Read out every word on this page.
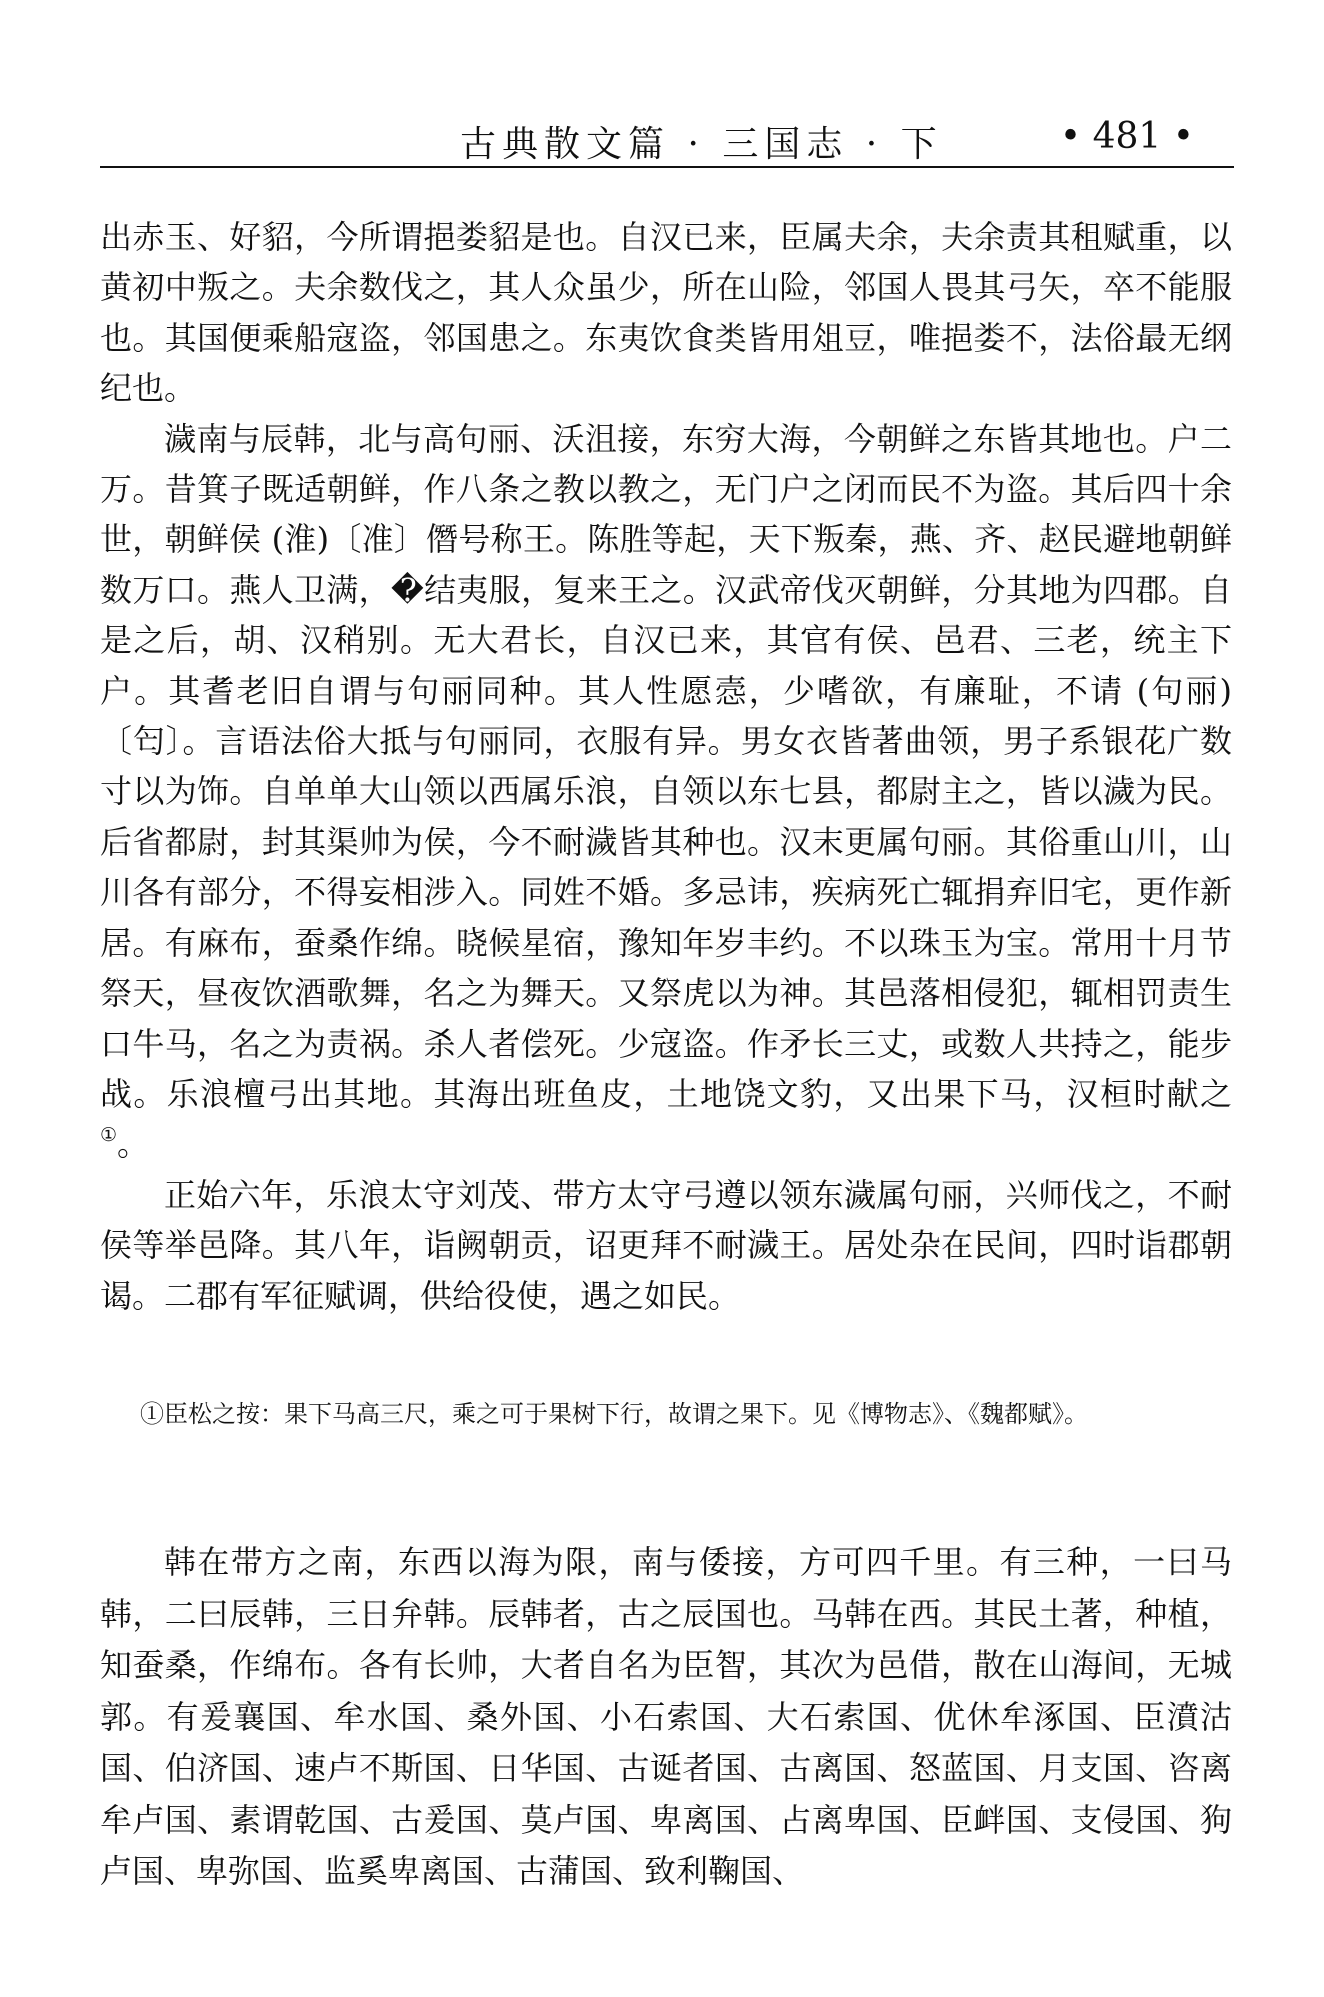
古典散文篇 · 三国志 · 下	• 481 •

出赤玉、好貂，今所谓挹娄貂是也。自汉已来，臣属夫余，夫余责其租赋重，以黄初中叛之。夫余数伐之，其人众虽少，所在山险，邻国人畏其弓矢，卒不能服也。其国便乘船寇盗，邻国患之。东夷饮食类皆用俎豆，唯挹娄不，法俗最无纲纪也。

濊南与辰韩，北与高句丽、沃沮接，东穷大海，今朝鲜之东皆其地也。户二万。昔箕子既适朝鲜，作八条之教以教之，无门户之闭而民不为盗。其后四十余世，朝鲜侯 (淮)〔准〕僭号称王。陈胜等起，天下叛秦，燕、齐、赵民避地朝鲜数万口。燕人卫满，�结夷服，复来王之。汉武帝伐灭朝鲜，分其地为四郡。自是之后，胡、汉稍别。无大君长，自汉已来，其官有侯、邑君、三老，统主下户。其耆老旧自谓与句丽同种。其人性愿悫，少嗜欲，有廉耻，不请 (句丽)〔匄〕。言语法俗大抵与句丽同，衣服有异。男女衣皆著曲领，男子系银花广数寸以为饰。自单单大山领以西属乐浪，自领以东七县，都尉主之，皆以濊为民。后省都尉，封其渠帅为侯，今不耐濊皆其种也。汉末更属句丽。其俗重山川，山川各有部分，不得妄相涉入。同姓不婚。多忌讳，疾病死亡辄捐弃旧宅，更作新居。有麻布，蚕桑作绵。晓候星宿，豫知年岁丰约。不以珠玉为宝。常用十月节祭天，昼夜饮酒歌舞，名之为舞天。又祭虎以为神。其邑落相侵犯，辄相罚责生口牛马，名之为责祸。杀人者偿死。少寇盗。作矛长三丈，或数人共持之，能步战。乐浪檀弓出其地。其海出班鱼皮，土地饶文豹，又出果下马，汉桓时献之①。

正始六年，乐浪太守刘茂、带方太守弓遵以领东濊属句丽，兴师伐之，不耐侯等举邑降。其八年，诣阙朝贡，诏更拜不耐濊王。居处杂在民间，四时诣郡朝谒。二郡有军征赋调，供给役使，遇之如民。

①臣松之按：果下马高三尺，乘之可于果树下行，故谓之果下。见《博物志》、《魏都赋》。

韩在带方之南，东西以海为限，南与倭接，方可四千里。有三种，一曰马韩，二曰辰韩，三日弁韩。辰韩者，古之辰国也。马韩在西。其民土著，种植，知蚕桑，作绵布。各有长帅，大者自名为臣智，其次为邑借，散在山海间，无城郭。有爰襄国、牟水国、桑外国、小石索国、大石索国、优休牟涿国、臣濆沽国、伯济国、速卢不斯国、日华国、古诞者国、古离国、怒蓝国、月支国、咨离牟卢国、素谓乾国、古爰国、莫卢国、卑离国、占离卑国、臣衅国、支侵国、狗卢国、卑弥国、监奚卑离国、古蒲国、致利鞠国、
